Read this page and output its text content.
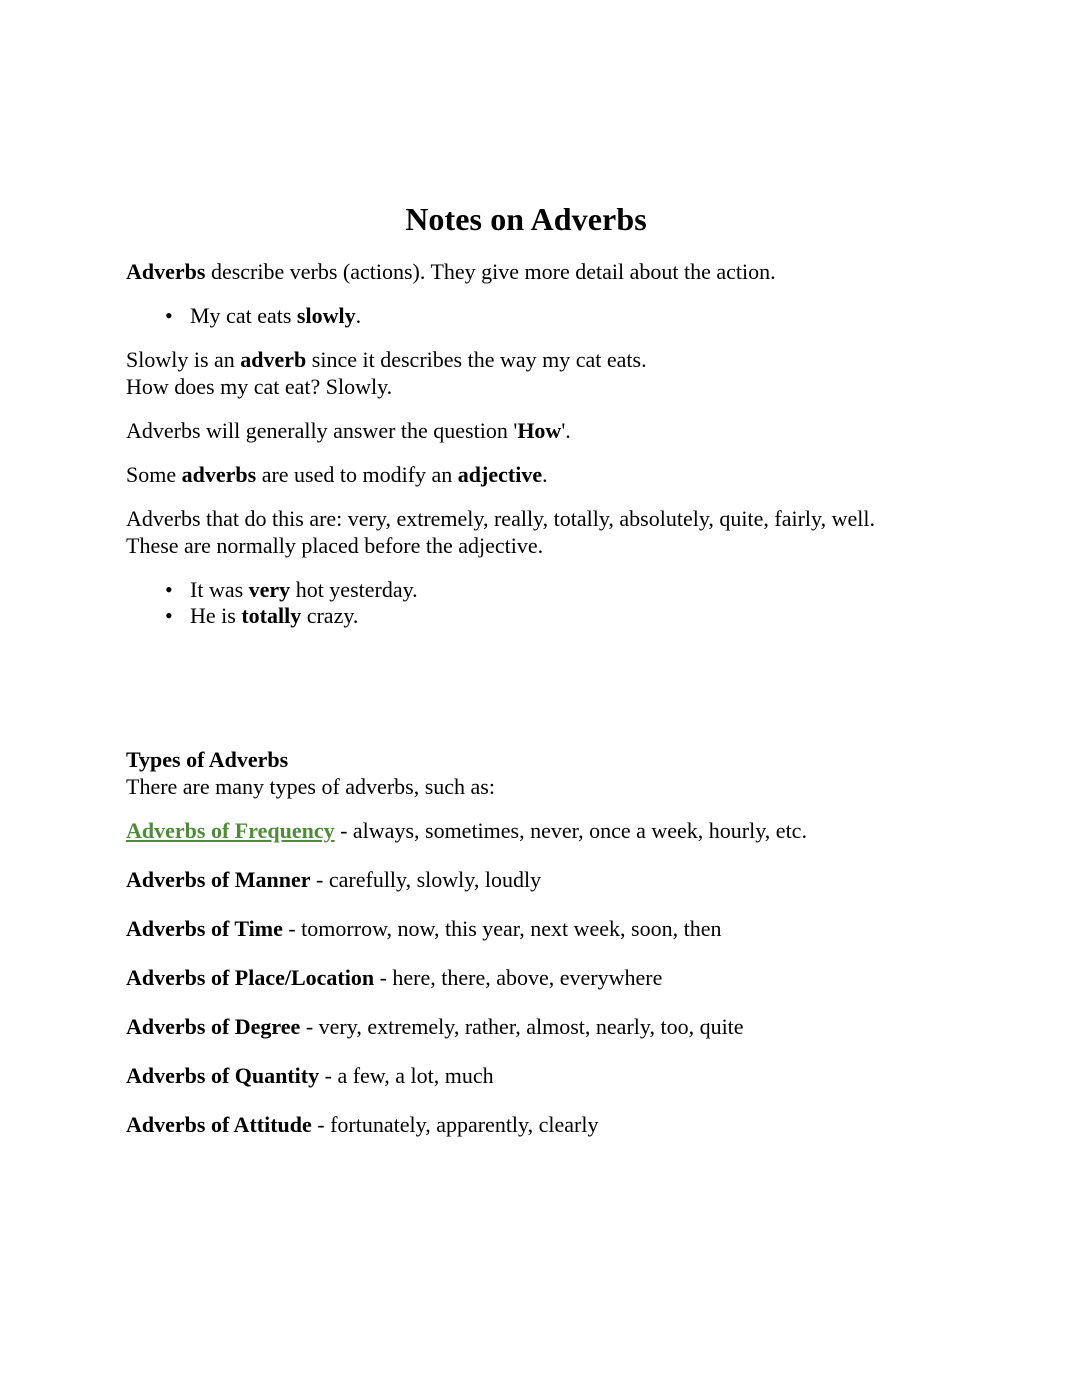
Notes on Adverbs

Adverbs describe verbs (actions). They give more detail about the action.

• My cat eats slowly.

Slowly is an adverb since it describes the way my cat eats.

How does my cat eat? Slowly.

Adverbs will generally answer the question 'How'.

Some adverbs are used to modify an adjective.

Adverbs that do this are: very, extremely, really, totally, absolutely, quite, fairly, well. These are normally placed before the adjective.

• It was very hot yesterday.
• He is totally crazy.

Types of Adverbs

There are many types of adverbs, such as:

Adverbs of Frequency - always, sometimes, never, once a week, hourly, etc.

Adverbs of Manner - carefully, slowly, loudly

Adverbs of Time - tomorrow, now, this year, next week, soon, then

Adverbs of Place/Location - here, there, above, everywhere

Adverbs of Degree - very, extremely, rather, almost, nearly, too, quite

Adverbs of Quantity - a few, a lot, much

Adverbs of Attitude - fortunately, apparently, clearly
